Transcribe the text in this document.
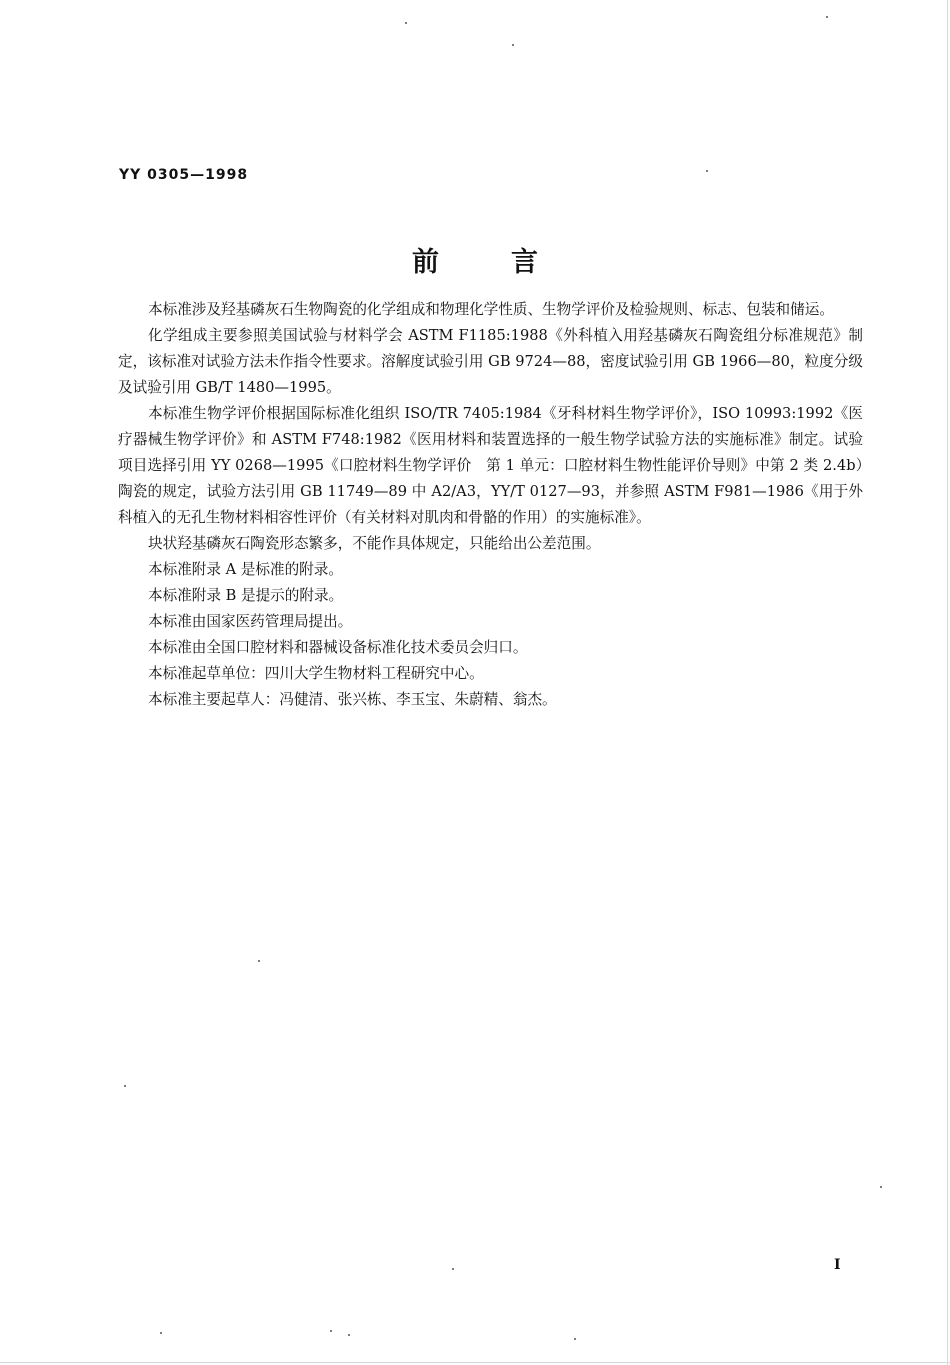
YY 0305—1998
前言

本标准涉及羟基磷灰石生物陶瓷的化学组成和物理化学性质、生物学评价及检验规则、标志、包装和储运。

化学组成主要参照美国试验与材料学会 ASTM F1185:1988《外科植入用羟基磷灰石陶瓷组分标准规范》制定，该标准对试验方法未作指令性要求。溶解度试验引用 GB 9724—88，密度试验引用 GB 1966—80，粒度分级及试验引用 GB/T 1480—1995。

本标准生物学评价根据国际标准化组织 ISO/TR 7405:1984《牙科材料生物学评价》，ISO 10993:1992《医疗器械生物学评价》和 ASTM F748:1982《医用材料和装置选择的一般生物学试验方法的实施标准》制定。试验项目选择引用 YY 0268—1995《口腔材料生物学评价　第 1 单元：口腔材料生物性能评价导则》中第 2 类 2.4b）陶瓷的规定，试验方法引用 GB 11749—89 中 A2/A3，YY/T 0127—93，并参照 ASTM F981—1986《用于外科植入的无孔生物材料相容性评价（有关材料对肌肉和骨骼的作用）的实施标准》。

块状羟基磷灰石陶瓷形态繁多，不能作具体规定，只能给出公差范围。

本标准附录 A 是标准的附录。

本标准附录 B 是提示的附录。

本标准由国家医药管理局提出。

本标准由全国口腔材料和器械设备标准化技术委员会归口。

本标准起草单位：四川大学生物材料工程研究中心。

本标准主要起草人：冯健清、张兴栋、李玉宝、朱蔚精、翁杰。

I
